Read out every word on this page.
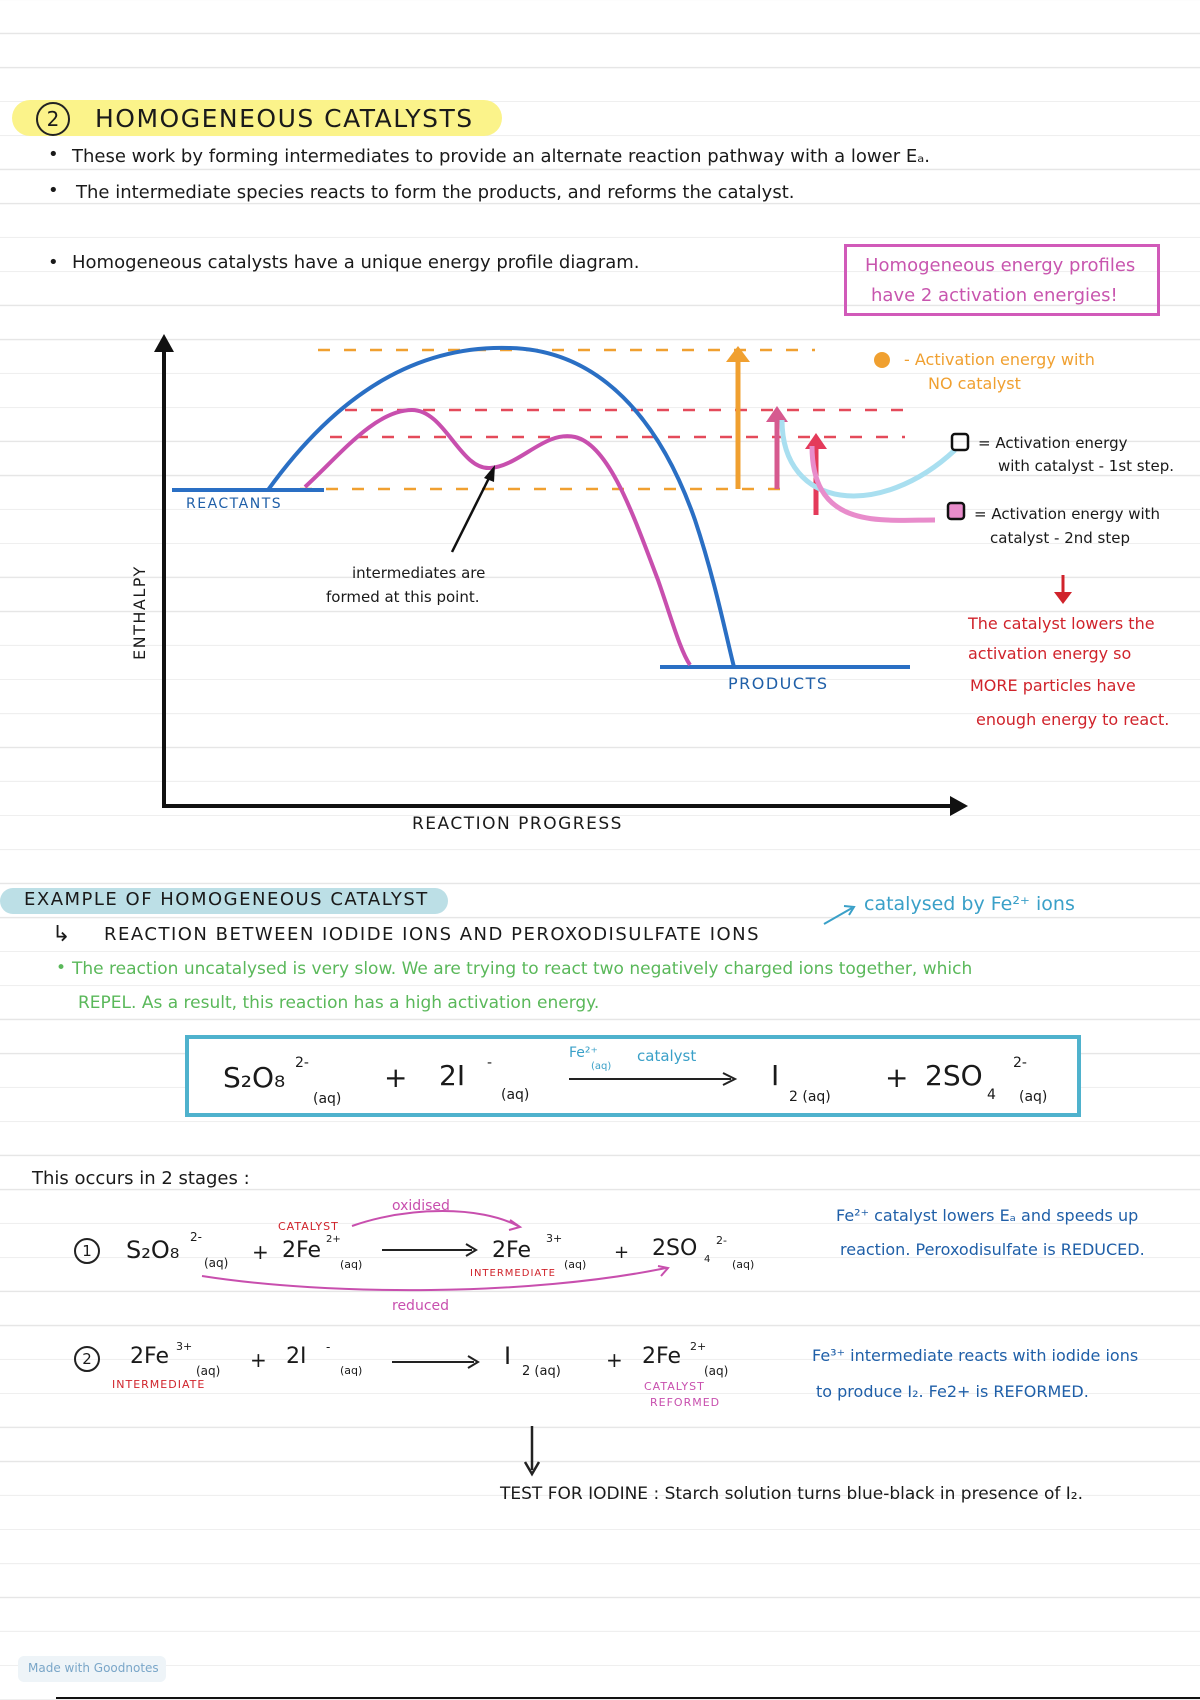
2	HOMOGENEOUS CATALYSTS
• These work by forming intermediates to provide an alternate reaction pathway with a lower Eₐ.
• The intermediate species reacts to form the products, and reforms the catalyst.
• Homogeneous catalysts have a unique energy profile diagram.	Homogeneous energy profiles
have 2 activation energies!
REACTANTS
PRODUCTS
ENTHALPY
REACTION PROGRESS
intermediates are
formed at this point.
- Activation energy with
NO catalyst
= Activation energy
with catalyst - 1st step.
= Activation energy with
catalyst - 2nd step
The catalyst lowers the
activation energy so
MORE particles have
enough energy to react.
EXAMPLE OF HOMOGENEOUS CATALYST
↳ REACTION BETWEEN IODIDE IONS AND PEROXODISULFATE IONS
catalysed by Fe²⁺ ions
• The reaction uncatalysed is very slow. We are trying to react two negatively charged ions together, which
REPEL. As a result, this reaction has a high activation energy.
S₂O₈ 2-
(aq)
+ 2I -
(aq)
Fe²⁺
(aq)
catalyst
I
2 (aq)
+ 2SO
4
2-
(aq)
This occurs in 2 stages :
1	S₂O₈ 2-
(aq) + 2Fe 2+
(aq)
CATALYST
oxidised
reduced
2Fe 3+
(aq)
INTERMEDIATE
+ 2SO 4
2-
(aq)
Fe²⁺ catalyst lowers Eₐ and speeds up
reaction. Peroxodisulfate is REDUCED.
2	2Fe 3+
(aq)
INTERMEDIATE
+ 2I -
(aq)
I
2 (aq) + 2Fe 2+
(aq)
CATALYST
REFORMED
Fe³⁺ intermediate reacts with iodide ions
to produce I₂. Fe2+ is REFORMED.
TEST FOR IODINE : Starch solution turns blue-black in presence of I₂.
Made with Goodnotes
